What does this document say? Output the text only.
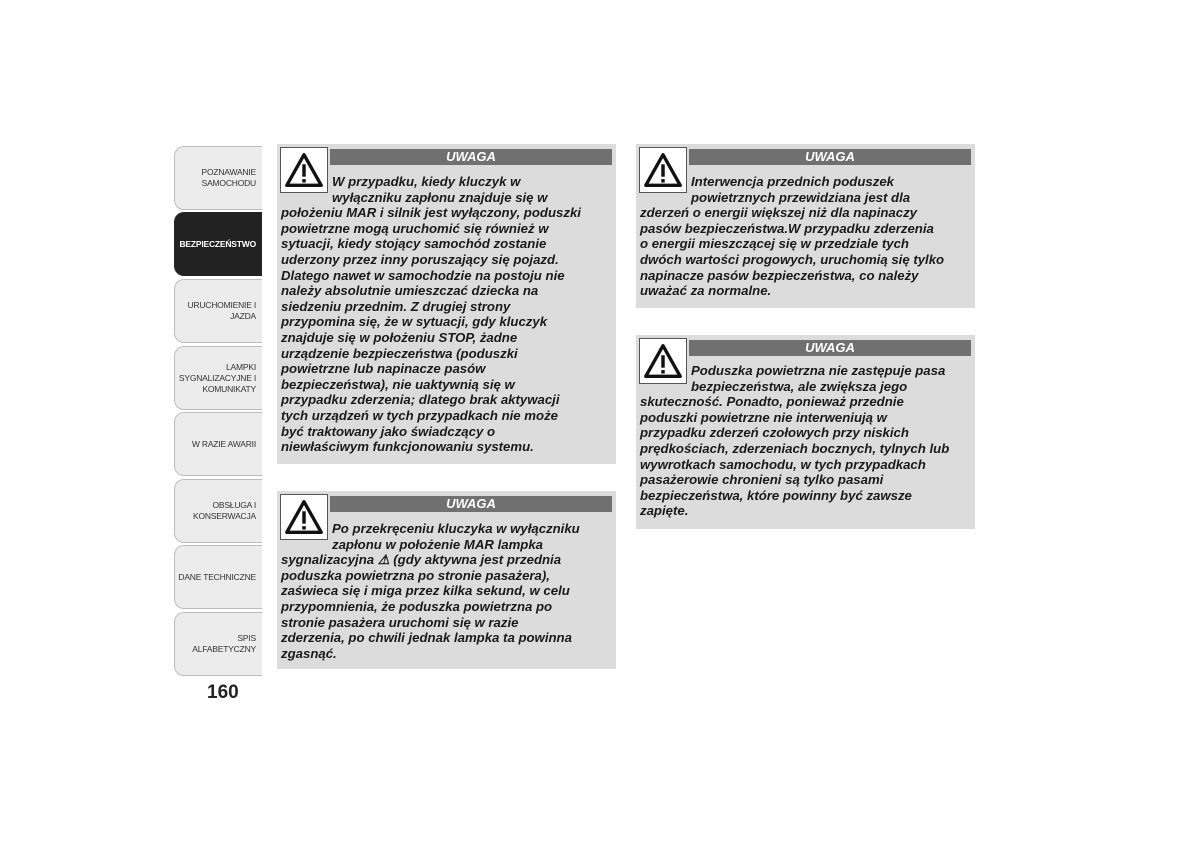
POZNAWANIE
SAMOCHODU
BEZPIECZEŃSTWO
URUCHOMIENIE I
JAZDA
LAMPKI
SYGNALIZACYJNE I
KOMUNIKATY
W RAZIE AWARII
OBSŁUGA I
KONSERWACJA
DANE TECHNICZNE
SPIS ALFABETYCZNY
160
UWAGA

W przypadku, kiedy kluczyk w
wyłączniku zapłonu znajduje się w
położeniu MAR i silnik jest wyłączony, poduszki
powietrzne mogą uruchomić się również w
sytuacji, kiedy stojący samochód zostanie
uderzony przez inny poruszający się pojazd.
Dlatego nawet w samochodzie na postoju nie
należy absolutnie umieszczać dziecka na
siedzeniu przednim. Z drugiej strony
przypomina się, że w sytuacji, gdy kluczyk
znajduje się w położeniu STOP, żadne
urządzenie bezpieczeństwa (poduszki
powietrzne lub napinacze pasów
bezpieczeństwa), nie uaktywnią się w
przypadku zderzenia; dlatego brak aktywacji
tych urządzeń w tych przypadkach nie może
być traktowany jako świadczący o
niewłaściwym funkcjonowaniu systemu.

UWAGA

Po przekręceniu kluczyka w wyłączniku
zapłonu w położenie MAR lampka
sygnalizacyjna ⚠ (gdy aktywna jest przednia
poduszka powietrzna po stronie pasażera),
zaświeca się i miga przez kilka sekund, w celu
przypomnienia, że poduszka powietrzna po
stronie pasażera uruchomi się w razie
zderzenia, po chwili jednak lampka ta powinna
zgasnąć.

UWAGA

Interwencja przednich poduszek
powietrznych przewidziana jest dla
zderzeń o energii większej niż dla napinaczy
pasów bezpieczeństwa.W przypadku zderzenia
o energii mieszczącej się w przedziale tych
dwóch wartości progowych, uruchomią się tylko
napinacze pasów bezpieczeństwa, co należy
uważać za normalne.

UWAGA

Poduszka powietrzna nie zastępuje pasa
bezpieczeństwa, ale zwiększa jego
skuteczność. Ponadto, ponieważ przednie
poduszki powietrzne nie interweniują w
przypadku zderzeń czołowych przy niskich
prędkościach, zderzeniach bocznych, tylnych lub
wywrotkach samochodu, w tych przypadkach
pasażerowie chronieni są tylko pasami
bezpieczeństwa, które powinny być zawsze
zapięte.
